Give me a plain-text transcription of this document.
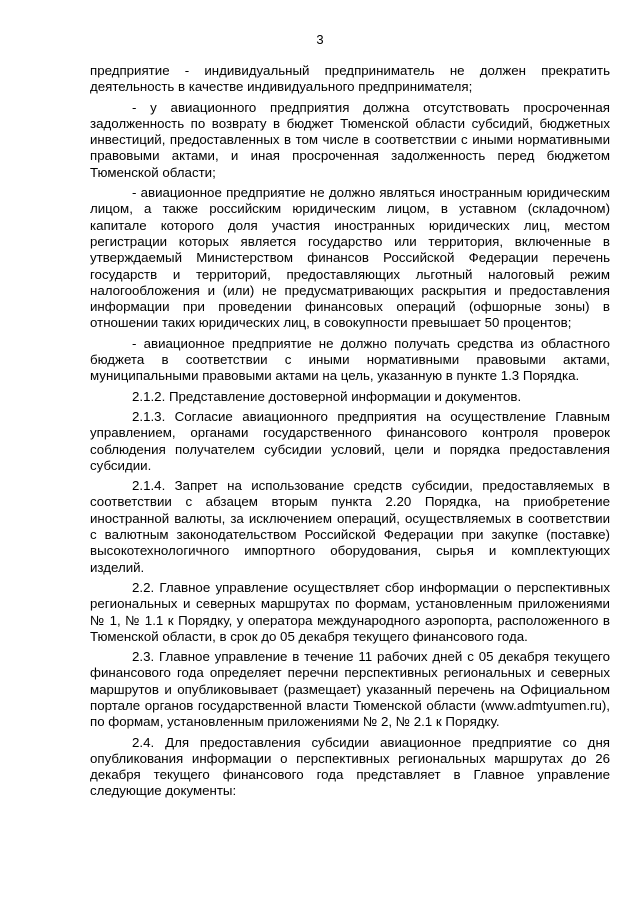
3

предприятие - индивидуальный предприниматель не должен прекратить деятельность в качестве индивидуального предпринимателя;

- у авиационного предприятия должна отсутствовать просроченная задолженность по возврату в бюджет Тюменской области субсидий, бюджетных инвестиций, предоставленных в том числе в соответствии с иными нормативными правовыми актами, и иная просроченная задолженность перед бюджетом Тюменской области;

- авиационное предприятие не должно являться иностранным юридическим лицом, а также российским юридическим лицом, в уставном (складочном) капитале которого доля участия иностранных юридических лиц, местом регистрации которых является государство или территория, включенные в утверждаемый Министерством финансов Российской Федерации перечень государств и территорий, предоставляющих льготный налоговый режим налогообложения и (или) не предусматривающих раскрытия и предоставления информации при проведении финансовых операций (офшорные зоны) в отношении таких юридических лиц, в совокупности превышает 50 процентов;

- авиационное предприятие не должно получать средства из областного бюджета в соответствии с иными нормативными правовыми актами, муниципальными правовыми актами на цель, указанную в пункте 1.3 Порядка.

2.1.2. Представление достоверной информации и документов.

2.1.3. Согласие авиационного предприятия на осуществление Главным управлением, органами государственного финансового контроля проверок соблюдения получателем субсидии условий, цели и порядка предоставления субсидии.

2.1.4. Запрет на использование средств субсидии, предоставляемых в соответствии с абзацем вторым пункта 2.20 Порядка, на приобретение иностранной валюты, за исключением операций, осуществляемых в соответствии с валютным законодательством Российской Федерации при закупке (поставке) высокотехнологичного импортного оборудования, сырья и комплектующих изделий.

2.2. Главное управление осуществляет сбор информации о перспективных региональных и северных маршрутах по формам, установленным приложениями № 1, № 1.1 к Порядку, у оператора международного аэропорта, расположенного в Тюменской области, в срок до 05 декабря текущего финансового года.

2.3. Главное управление в течение 11 рабочих дней с 05 декабря текущего финансового года определяет перечни перспективных региональных и северных маршрутов и опубликовывает (размещает) указанный перечень на Официальном портале органов государственной власти Тюменской области (www.admtyumen.ru), по формам, установленным приложениями № 2, № 2.1 к Порядку.

2.4. Для предоставления субсидии авиационное предприятие со дня опубликования информации о перспективных региональных маршрутах до 26 декабря текущего финансового года представляет в Главное управление следующие документы:
